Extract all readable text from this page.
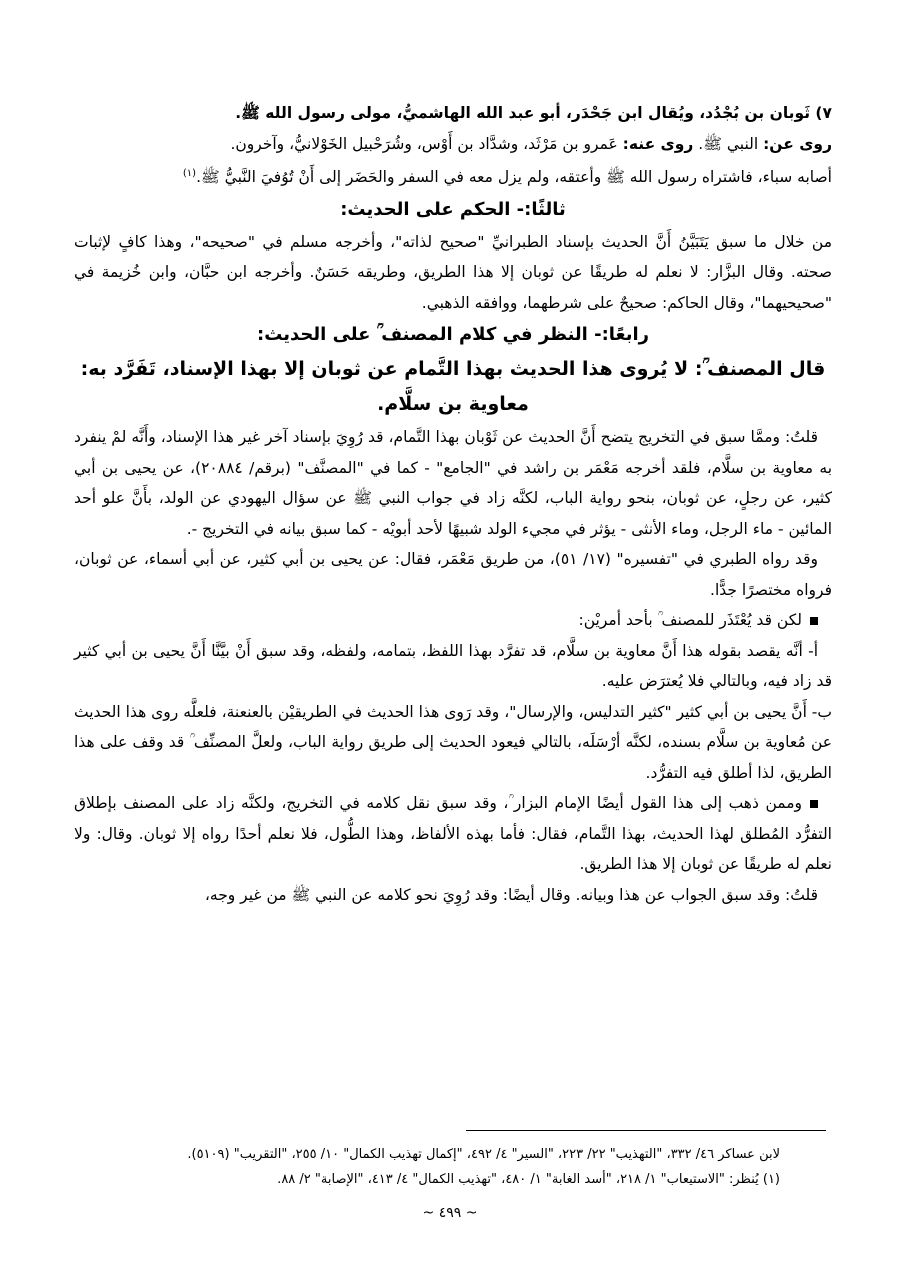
٧) ثَوبان بن بُجْدُد، ويُقال ابن جَحْدَر، أبو عبد الله الهاشميُّ، مولى رسول الله ﷺ.

روى عن: النبي ﷺ. روى عنه: عَمرو بن مَرْثَد، وشدَّاد بن أَوْس، وشُرَحْبيل الخَوْلانيُّ، وآخرون.

أصابه سباء، فاشتراه رسول الله ﷺ وأعتقه، ولم يزل معه في السفر والحَضَر إلى أَنْ تُوُفيَ النَّبيُّ ﷺ.$^{(١)}$

ثالثًا:- الحكم على الحديث:

من خلال ما سبق يَتَبَيَّنُ أَنَّ الحديث بإسناد الطبرانيِّ "صحيح لذاته"، وأخرجه مسلم في "صحيحه"، وهذا كافٍ لإثبات صحته. وقال البزَّار: لا نعلم له طريقًا عن ثوبان إلا هذا الطريق، وطريقه حَسَنٌ. وأخرجه ابن حبَّان، وابن خُزيمة في "صحيحيهما"، وقال الحاكم: صحيحٌ على شرطهما، ووافقه الذهبي.

رابعًا:- النظر في كلام المصنف ؒ على الحديث:

قال المصنف ؒ: لا يُروى هذا الحديث بهذا التَّمام عن ثوبان إلا بهذا الإسناد، تَفَرَّد به: معاوية بن سلَّام.

قلتُ: وممَّا سبق في التخريج يتضح أَنَّ الحديث عن ثَوْبان بهذا التَّمام، قد رُوِيَ بإسناد آخر غير هذا الإسناد، وأَنَّه لمْ ينفرد به معاوية بن سلَّام، فلقد أخرجه مَعْمَر بن راشد في "الجامع" - كما في "المصنَّف" (برقم/ ٢٠٨٨٤)، عن يحيى بن أبي كثير، عن رجلٍ، عن ثوبان، بنحو رواية الباب، لكنَّه زاد في جواب النبي ﷺ عن سؤال اليهودي عن الولد، بأَنَّ علو أحد المائين - ماء الرجل، وماء الأنثى - يؤثر في مجيء الولد شبيهًا لأحد أبويْه - كما سبق بيانه في التخريج -.

وقد رواه الطبري في "تفسيره" (١٧/ ٥١)، من طريق مَعْمَر، فقال: عن يحيى بن أبي كثير، عن أبي أسماء، عن ثوبان، فرواه مختصرًا جدًّا.

لكن قد يُعْتَذَر للمصنف ؒ بأحد أمريْن:

أ- أنَّه يقصد بقوله هذا أَنَّ معاوية بن سلَّام، قد تفرَّد بهذا اللفظ، بتمامه، ولفظه، وقد سبق أَنْ بيَّنَّا أَنَّ يحيى بن أبي كثير قد زاد فيه، وبالتالي فلا يُعترَض عليه.

ب- أَنَّ يحيى بن أبي كثير "كثير التدليس، والإرسال"، وقد رَوى هذا الحديث في الطريقيْن بالعنعنة، فلعلَّه روى هذا الحديث عن مُعاوية بن سلَّام بسنده، لكنَّه أرْسَلَه، بالتالي فيعود الحديث إلى طريق رواية الباب، ولعلَّ المصنِّف ؒ قد وقف على هذا الطريق، لذا أطلق فيه التفرُّد.

وممن ذهب إلى هذا القول أيضًا الإمام البزار ؒ، وقد سبق نقل كلامه في التخريج، ولكنَّه زاد على المصنف بإطلاق التفرُّد المُطلق لهذا الحديث، بهذا التَّمام، فقال: فأما بهذه الألفاظ، وهذا الطُّول، فلا نعلم أحدًا رواه إلا ثوبان. وقال: ولا نعلم له طريقًا عن ثوبان إلا هذا الطريق.

قلتُ: وقد سبق الجواب عن هذا وبيانه. وقال أيضًا: وقد رُوِيَ نحو كلامه عن النبي ﷺ من غير وجه،

لابن عساكر ٤٦/ ٣٣٢، "التهذيب" ٢٢/ ٢٢٣، "السير" ٤/ ٤٩٢، "إكمال تهذيب الكمال" ١٠/ ٢٥٥، "التقريب" (٥١٠٩).
(١) يُنظر: "الاستيعاب" ١/ ٢١٨، "أسد الغابة" ١/ ٤٨٠، "تهذيب الكمال" ٤/ ٤١٣، "الإصابة" ٢/ ٨٨.
~ ٤٩٩ ~
